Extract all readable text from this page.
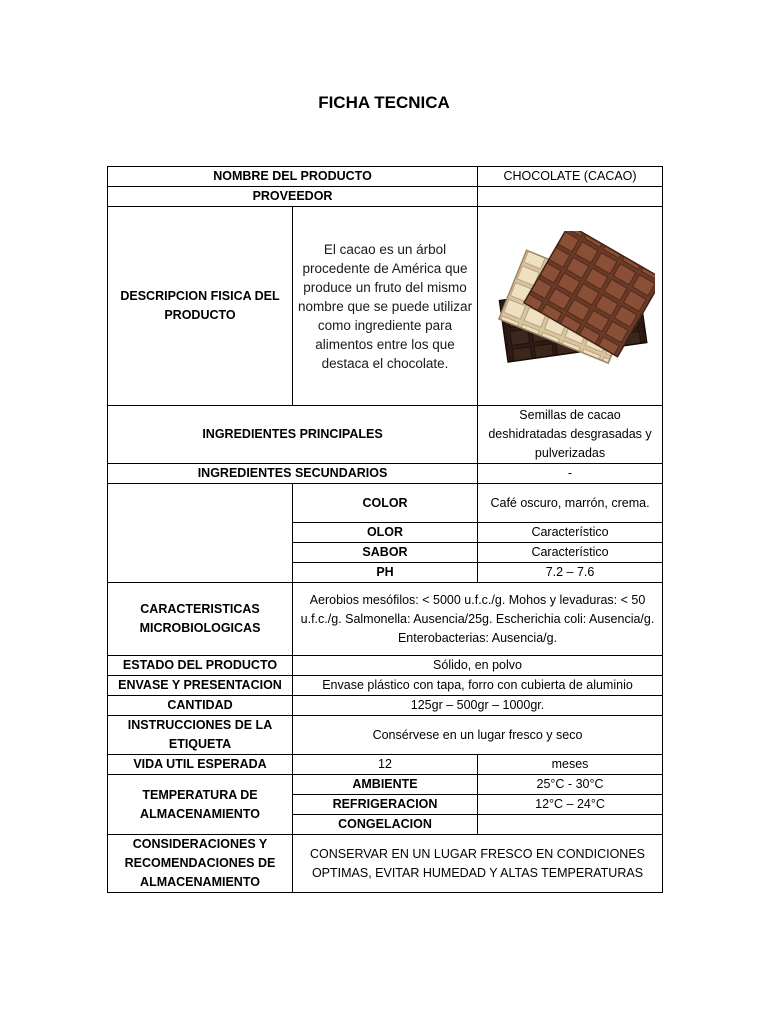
FICHA TECNICA
NOMBRE DEL PRODUCTO		CHOCOLATE (CACAO)
PROVEEDOR		
DESCRIPCION FISICA DEL PRODUCTO	El cacao es un árbol procedente de América que produce un fruto del mismo nombre que se puede utilizar como ingrediente para alimentos entre los que destaca el chocolate.	

INGREDIENTES PRINCIPALES		Semillas de cacao deshidratadas desgrasadas y pulverizadas
INGREDIENTES SECUNDARIOS		-
	COLOR	Café oscuro, marrón, crema.
	OLOR	Característico
	SABOR	Característico
	PH	7.2 – 7.6
CARACTERISTICAS MICROBIOLOGICAS	Aerobios mesófilos: < 5000 u.f.c./g. Mohos y levaduras: < 50 u.f.c./g. Salmonella: Ausencia/25g. Escherichia coli: Ausencia/g. Enterobacterias: Ausencia/g.	
ESTADO DEL PRODUCTO	Sólido, en polvo	
ENVASE Y PRESENTACION	Envase plástico con tapa, forro con cubierta de aluminio	
CANTIDAD	125gr – 500gr – 1000gr.	
INSTRUCCIONES DE LA ETIQUETA	Consérvese en un lugar fresco y seco	
VIDA UTIL ESPERADA	12	meses
TEMPERATURA DE ALMACENAMIENTO	AMBIENTE	25°C - 30°C
	REFRIGERACION	12°C – 24°C
	CONGELACION	
CONSIDERACIONES Y RECOMENDACIONES DE ALMACENAMIENTO	CONSERVAR EN UN LUGAR FRESCO EN CONDICIONES OPTIMAS, EVITAR HUMEDAD Y ALTAS TEMPERATURAS	
